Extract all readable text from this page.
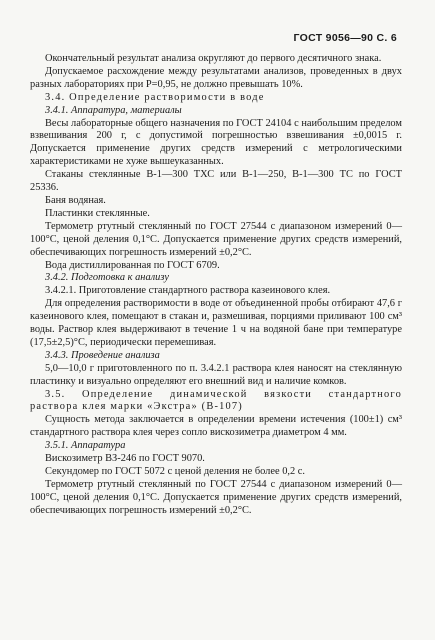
ГОСТ 9056—90 С. 6

Окончательный результат анализа округляют до первого десятичного знака.

Допускаемое расхождение между результатами анализов, проведенных в двух разных лабораториях при P=0,95, не должно превышать 10%.

3.4. Определение растворимости в воде

3.4.1. Аппаратура, материалы

Весы лабораторные общего назначения по ГОСТ 24104 с наибольшим пределом взвешивания 200 г, с допустимой погрешностью взвешивания ±0,0015 г. Допускается применение других средств измерений с метрологическими характеристиками не хуже вышеуказанных.

Стаканы стеклянные В-1—300 ТХС или В-1—250, В-1—300 ТС по ГОСТ 25336.

Баня водяная.

Пластинки стеклянные.

Термометр ртутный стеклянный по ГОСТ 27544 с диапазоном измерений 0—100°С, ценой деления 0,1°С. Допускается применение других средств измерений, обеспечивающих погрешность измерений ±0,2°С.

Вода дистиллированная по ГОСТ 6709.

3.4.2. Подготовка к анализу

3.4.2.1. Приготовление стандартного раствора казеинового клея.

Для определения растворимости в воде от объединенной пробы отбирают 47,6 г казеинового клея, помещают в стакан и, размешивая, порциями приливают 100 см³ воды. Раствор клея выдерживают в течение 1 ч на водяной бане при температуре (17,5±2,5)°С, периодически перемешивая.

3.4.3. Проведение анализа

5,0—10,0 г приготовленного по п. 3.4.2.1 раствора клея наносят на стеклянную пластинку и визуально определяют его внешний вид и наличие комков.

3.5. Определение динамической вязкости стандартного раствора клея марки «Экстра» (В-107)

Сущность метода заключается в определении времени истечения (100±1) см³ стандартного раствора клея через сопло вискозиметра диаметром 4 мм.

3.5.1. Аппаратура

Вискозиметр ВЗ-246 по ГОСТ 9070.

Секундомер по ГОСТ 5072 с ценой деления не более 0,2 с.

Термометр ртутный стеклянный по ГОСТ 27544 с диапазоном измерений 0—100°С, ценой деления 0,1°С. Допускается применение других средств измерений, обеспечивающих погрешность измерений ±0,2°С.
